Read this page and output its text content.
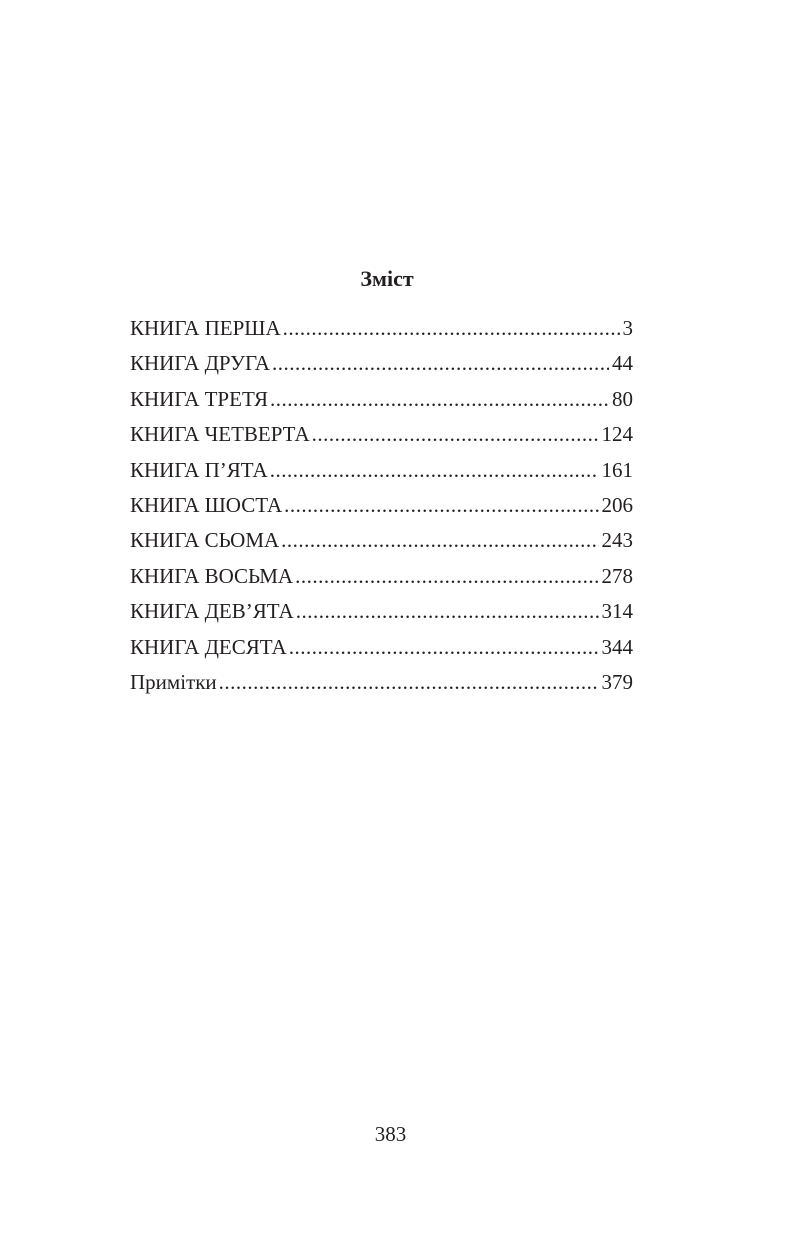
Зміст
КНИГА ПЕРША .....	3
КНИГА ДРУГА .....	44
КНИГА ТРЕТЯ .....	80
КНИГА ЧЕТВЕРТА .....	124
КНИГА П’ЯТА .....	161
КНИГА ШОСТА .....	206
КНИГА СЬОМА .....	243
КНИГА ВОСЬМА .....	278
КНИГА ДЕВ’ЯТА .....	314
КНИГА ДЕСЯТА .....	344
Примітки .....	379

383
